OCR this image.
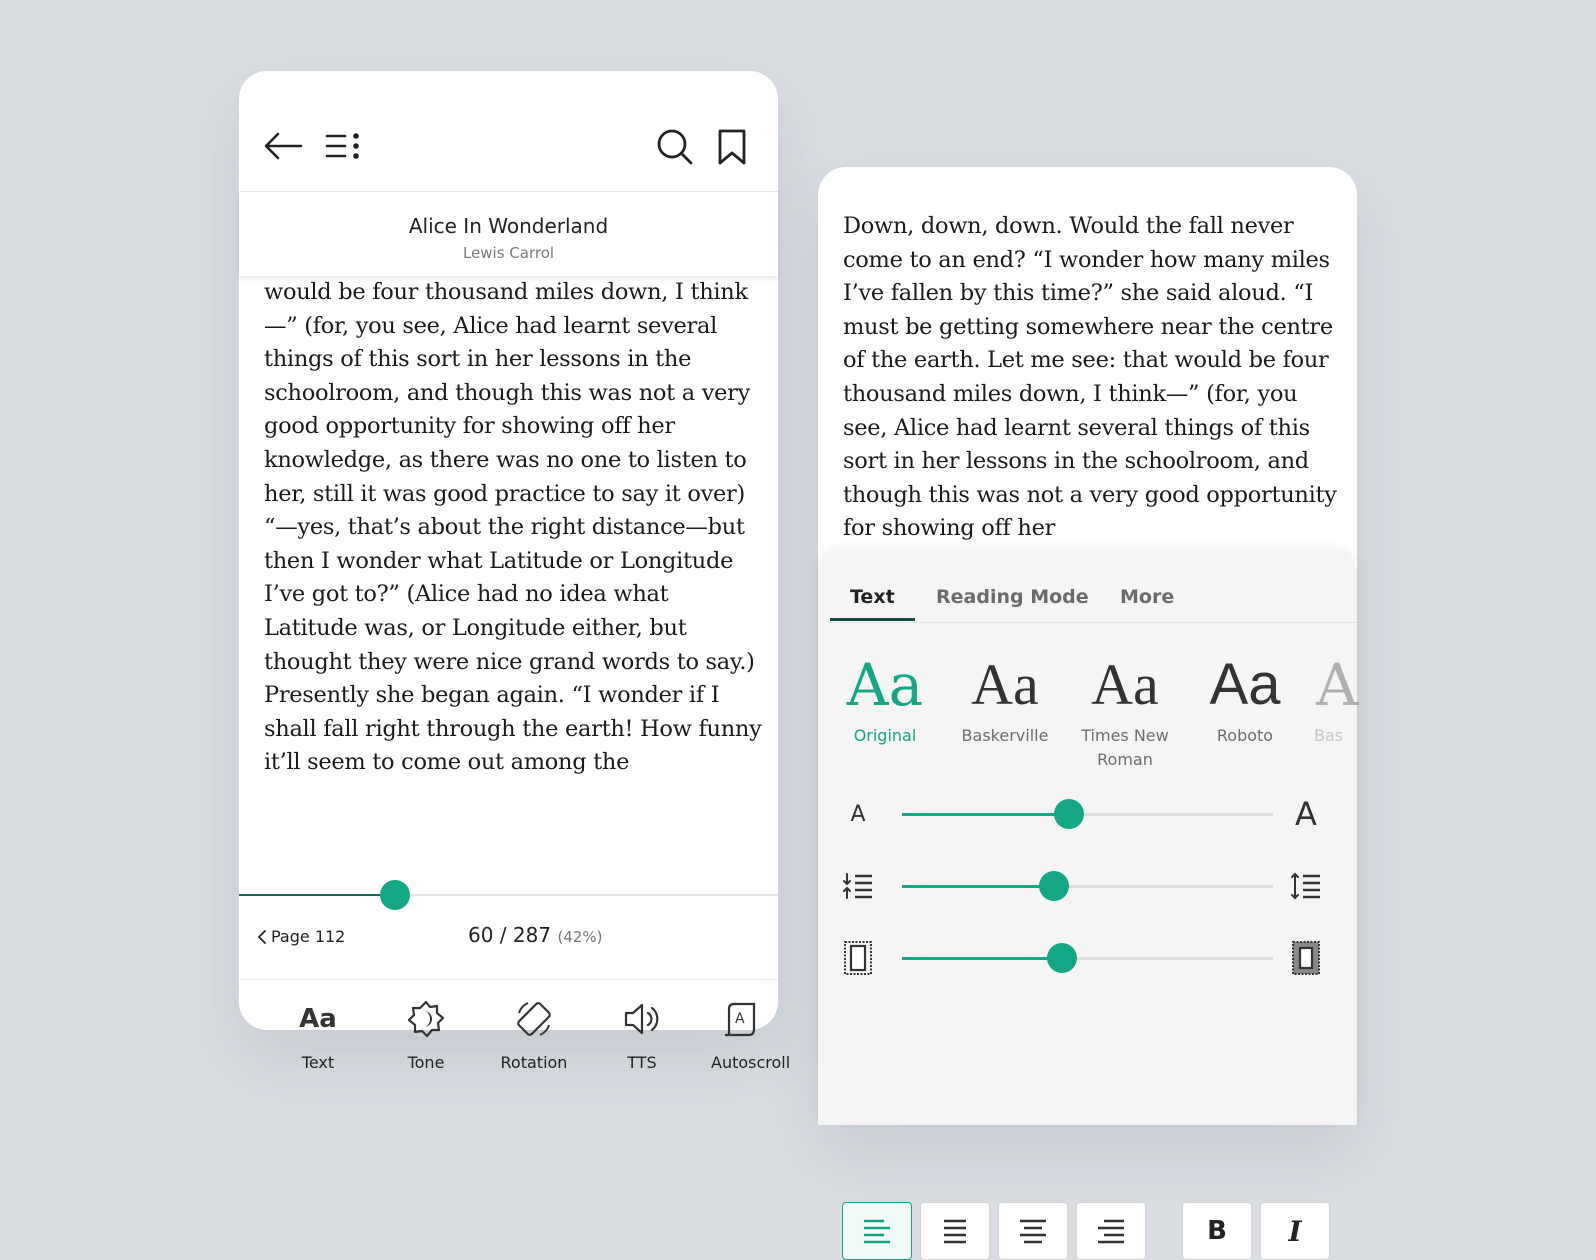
Alice In Wonderland
Lewis Carrol

would be four thousand miles down, I think—” (for, you see, Alice had learnt several things of this sort in her lessons in the schoolroom, and though this was not a very good opportunity for showing off her knowledge, as there was no one to listen to her, still it was good practice to say it over) “—yes, that’s about the right distance—but then I wonder what Latitude or Longitude I’ve got to?” (Alice had no idea what Latitude was, or Longitude either, but thought they were nice grand words to say.)

Presently she began again. “I wonder if I shall fall right through the earth! How funny it’ll seem to come out among the

Page 112	60 / 287 (42%)
Aa
Text	Tone	Rotation	TTS
A
Autoscroll
Down, down, down. Would the fall never come to an end? “I wonder how many miles I’ve fallen by this time?” she said aloud. “I must be getting somewhere near the centre of the earth. Let me see: that would be four thousand miles down, I think—” (for, you see, Alice had learnt several things of this sort in her lessons in the schoolroom, and though this was not a very good opportunity for showing off her
Text Reading Mode More
Aa
Original
Aa
Baskerville
Aa
Times New Roman
Aa
Roboto
A
Bas
A	A
B I
